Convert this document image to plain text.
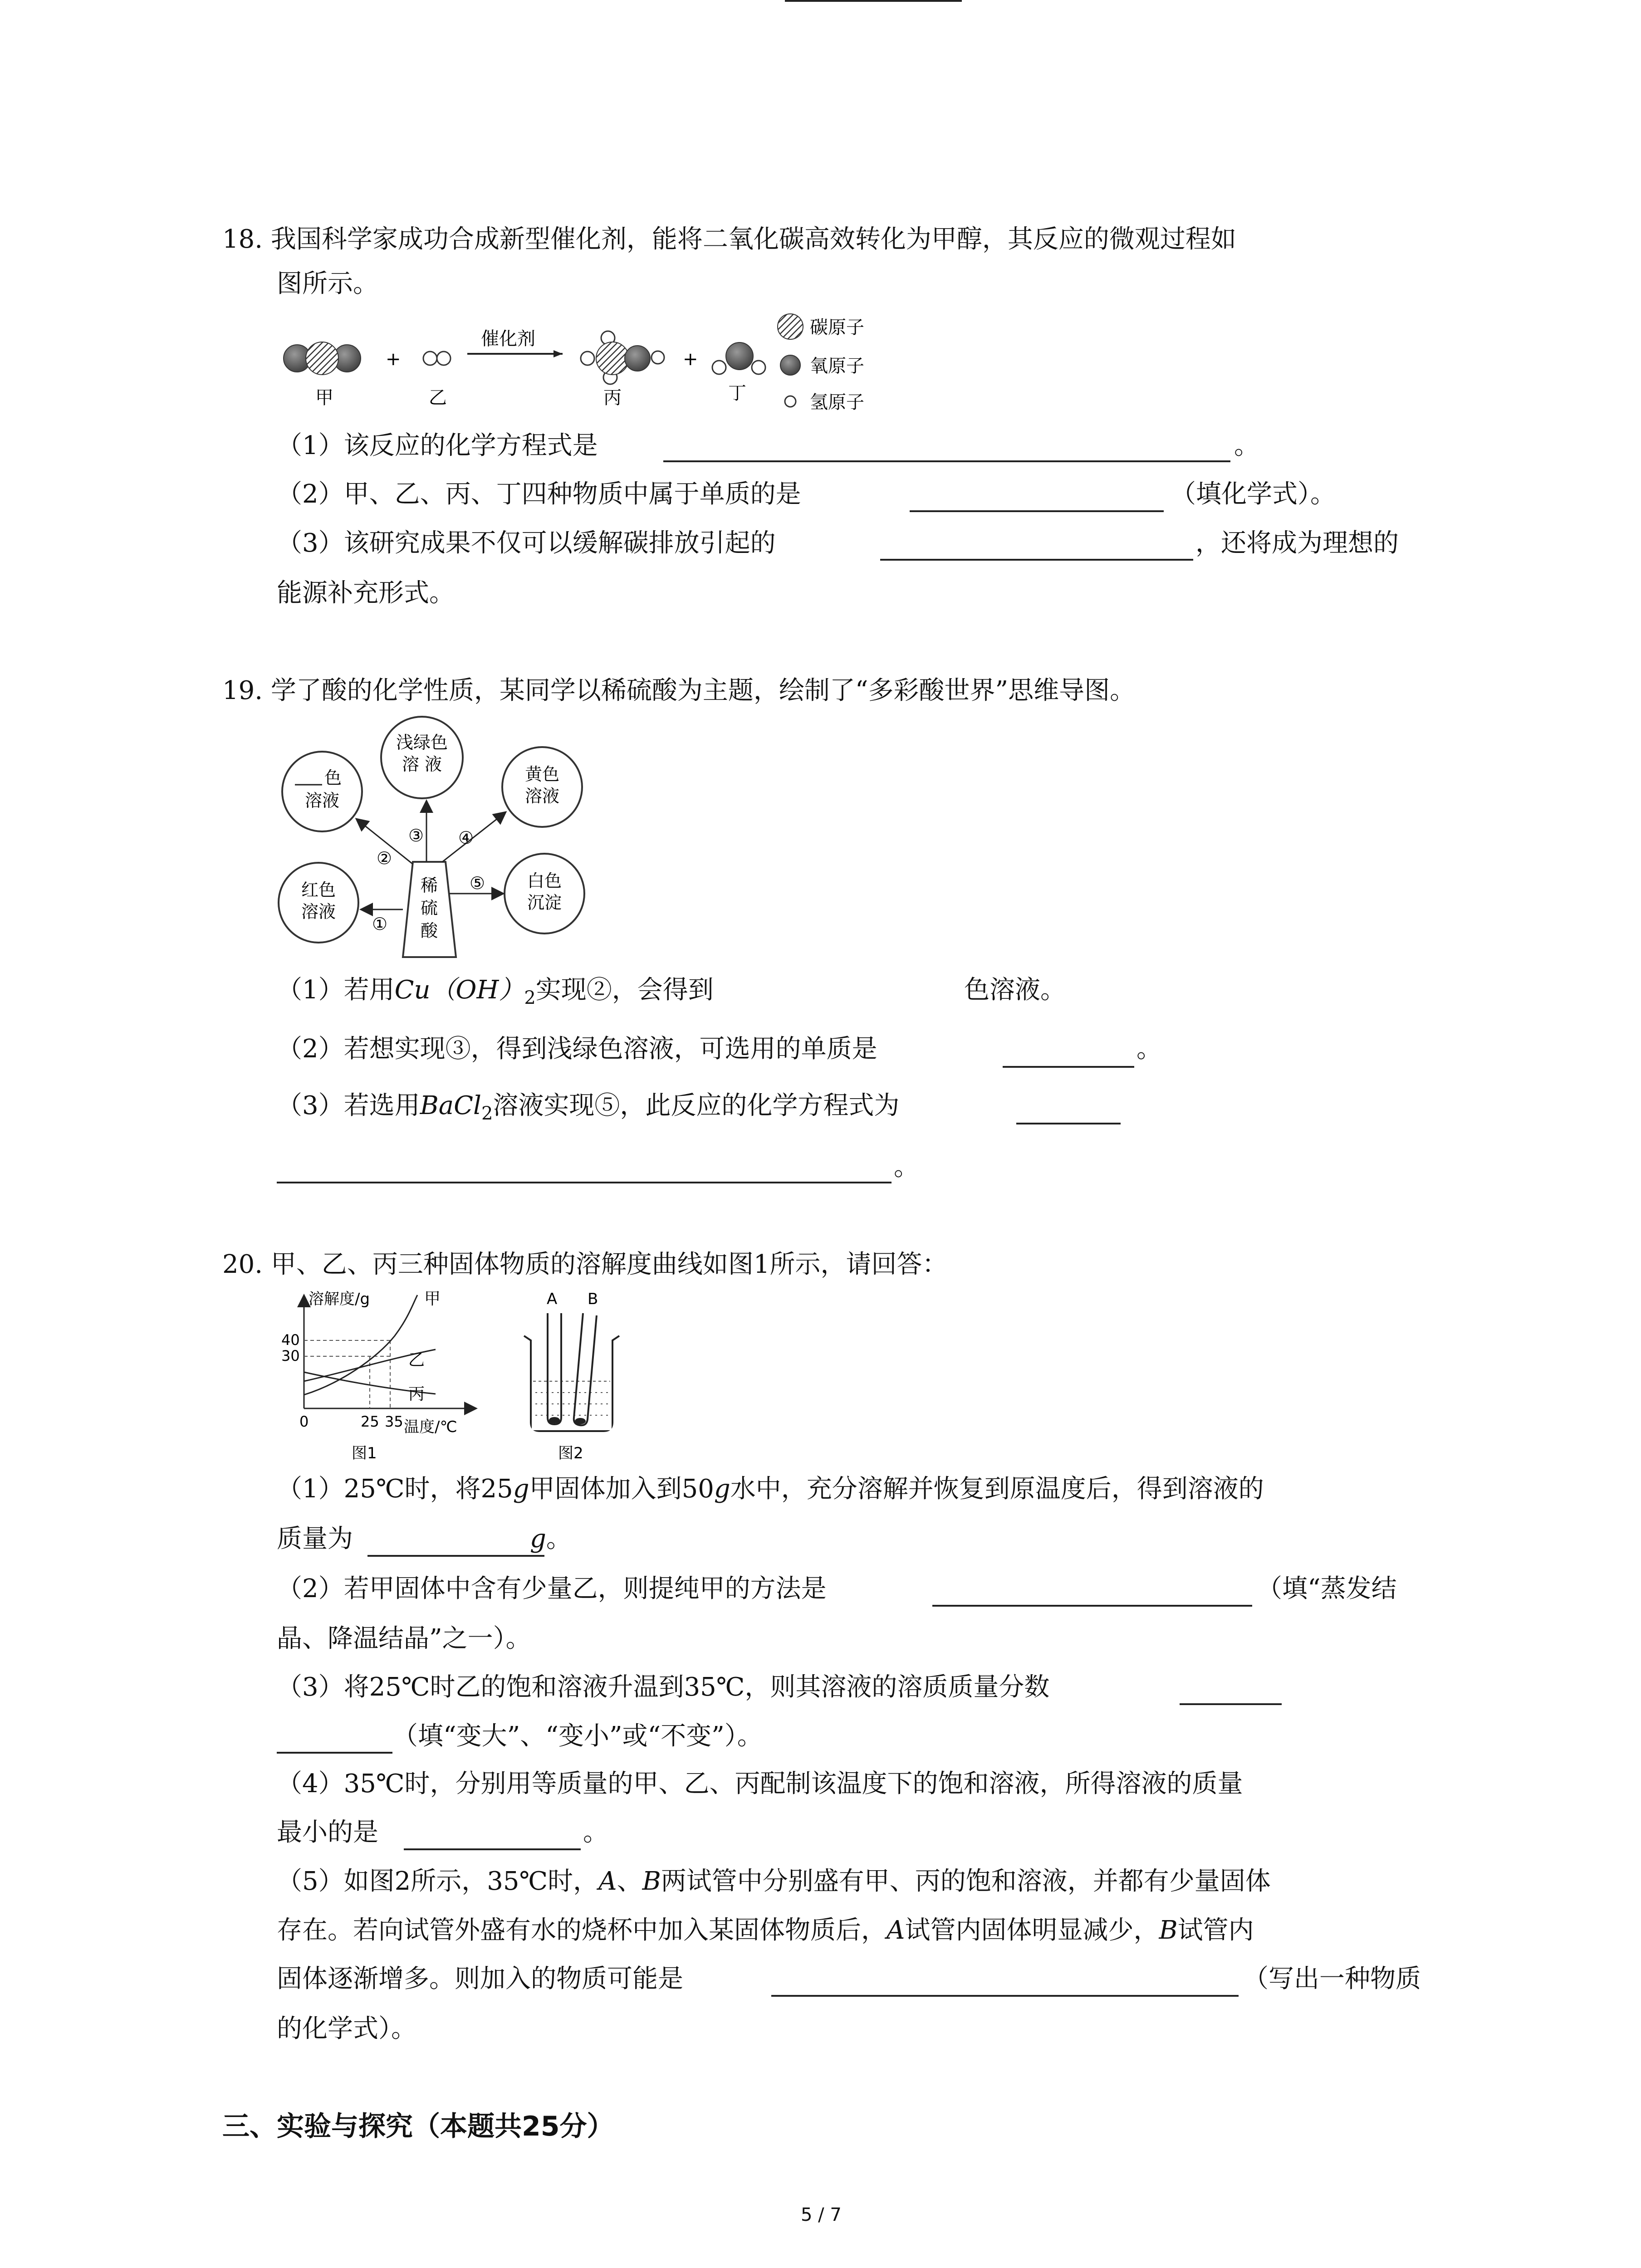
18. 我国科学家成功合成新型催化剂，能将二氧化碳高效转化为甲醇，其反应的微观过程如
图所示。
+
催化剂
+
甲	乙	丙	丁
碳原子
氧原子
氢原子
（1）该反应的化学方程式是	。
（2）甲、乙、丙、丁四种物质中属于单质的是	（填化学式）。
（3）该研究成果不仅可以缓解碳排放引起的	，还将成为理想的
能源补充形式。
19. 学了酸的化学性质，某同学以稀硫酸为主题，绘制了“多彩酸世界”思维导图。
浅绿色
溶 液
色
溶液
黄色
溶液
红色
溶液
白色
沉淀
稀
硫
酸
①
②
③ ④
⑤
（1）若用$Cu(OH)_2$实现②，会得到	色溶液。
（2）若想实现③，得到浅绿色溶液，可选用的单质是	。
（3）若选用BaCl$_2$溶液实现⑤，此反应的化学方程式为
。
20. 甲、乙、丙三种固体物质的溶解度曲线如图1所示，请回答：
溶解度/g
40
30
甲
乙
丙
0	25 35 温度/℃
图1
A B
图2
（1）25℃时，将25g甲固体加入到50g水中，充分溶解并恢复到原温度后，得到溶液的
质量为	g。
（2）若甲固体中含有少量乙，则提纯甲的方法是	（填“蒸发结
晶、降温结晶”之一）。
（3）将25℃时乙的饱和溶液升温到35℃，则其溶液的溶质质量分数
（填“变大”、“变小”或“不变”）。
（4）35℃时，分别用等质量的甲、乙、丙配制该温度下的饱和溶液，所得溶液的质量
最小的是	。
（5）如图2所示，35℃时，A、B两试管中分别盛有甲、丙的饱和溶液，并都有少量固体
存在。若向试管外盛有水的烧杯中加入某固体物质后，A试管内固体明显减少，B试管内
固体逐渐增多。则加入的物质可能是	（写出一种物质
的化学式）。
三、实验与探究（本题共25分）
5 / 7
